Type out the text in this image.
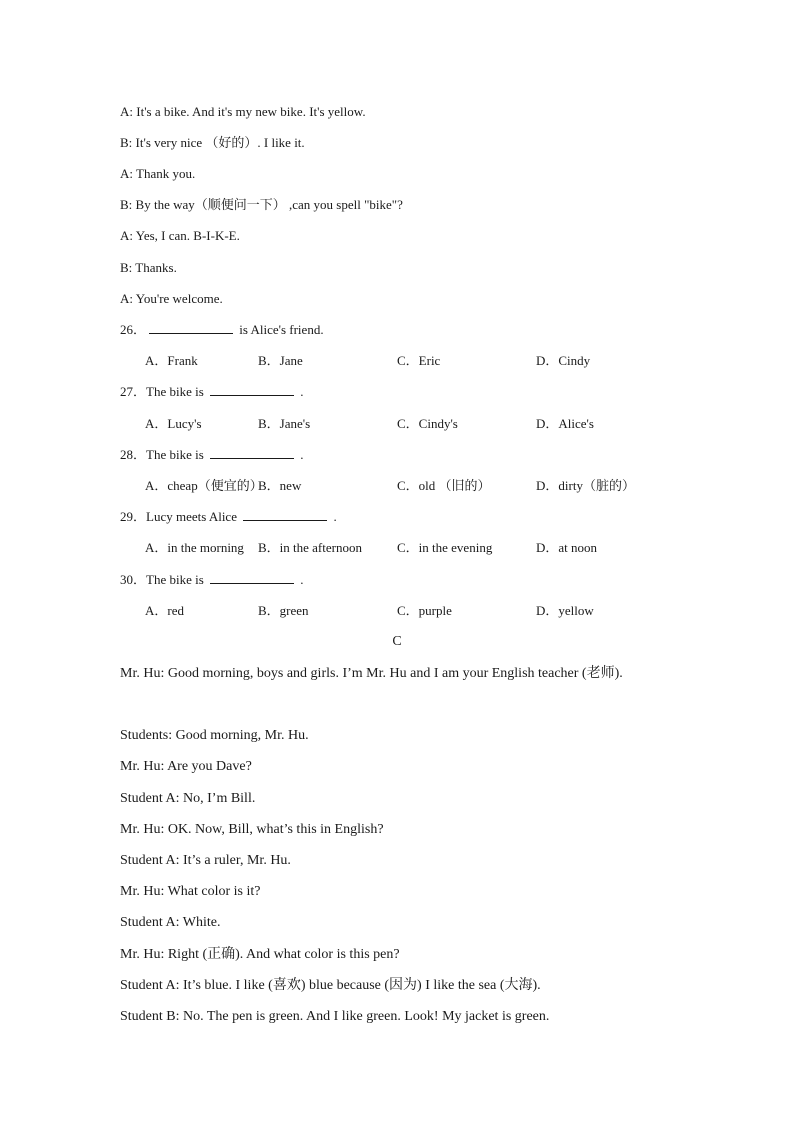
A: It's a bike. And it's my new bike. It's yellow.
B: It's very nice （好的）. I like it.
A: Thank you.
B: By the way（顺便问一下） ,can you spell "bike"?
A: Yes, I can. B-I-K-E.
B: Thanks.
A: You're welcome.
26．	is Alice's friend.
A．Frank	B．Jane	C．Eric	D．Cindy
27．The bike is	.
A．Lucy's	B．Jane's	C．Cindy's	D．Alice's
28．The bike is	.
A．cheap（便宜的）
B．new	C．old （旧的）	D．dirty（脏的）
29．Lucy meets Alice	.
A．in the morning B．in the afternoon	C．in the evening	D．at noon
30．The bike is	.
A．red	B．green	C．purple	D．yellow
C
Mr. Hu: Good morning, boys and girls. I’m Mr. Hu and I am your English teacher (老师).
Students: Good morning, Mr. Hu.
Mr. Hu: Are you Dave?
Student A: No, I’m Bill.
Mr. Hu: OK. Now, Bill, what’s this in English?
Student A: It’s a ruler, Mr. Hu.
Mr. Hu: What color is it?
Student A: White.
Mr. Hu: Right (正确). And what color is this pen?
Student A: It’s blue. I like (喜欢) blue because (因为) I like the sea (大海).
Student B: No. The pen is green. And I like green. Look! My jacket is green.
